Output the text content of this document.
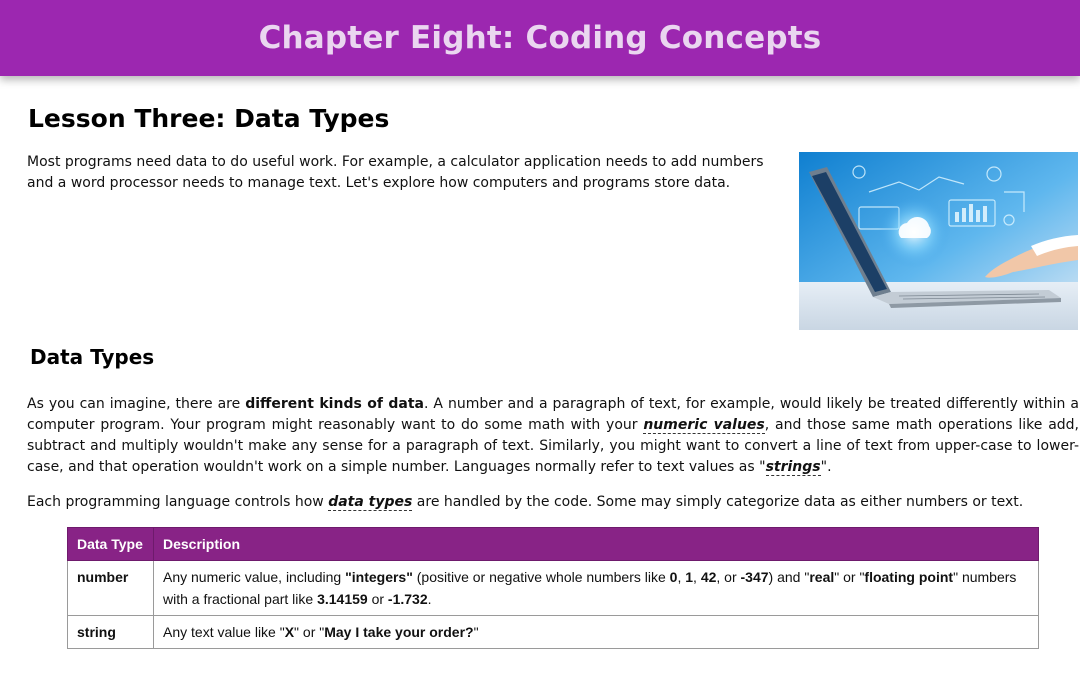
Chapter Eight: Coding Concepts
Lesson Three: Data Types

Most programs need data to do useful work. For example, a calculator application needs to add numbers and a word processor needs to manage text. Let's explore how computers and programs store data.

Data Types

As you can imagine, there are different kinds of data. A number and a paragraph of text, for example, would likely be treated differently within a computer program. Your program might reasonably want to do some math with your numeric values, and those same math operations like add, subtract and multiply wouldn't make any sense for a paragraph of text. Similarly, you might want to convert a line of text from upper-case to lower-case, and that operation wouldn't work on a simple number. Languages normally refer to text values as "strings".

Each programming language controls how data types are handled by the code. Some may simply categorize data as either numbers or text.

Data Type	Description
number	Any numeric value, including "integers" (positive or negative whole numbers like 0, 1, 42, or -347) and "real" or "floating point" numbers with a fractional part like 3.14159 or -1.732.
string	Any text value like "X" or "May I take your order?"
